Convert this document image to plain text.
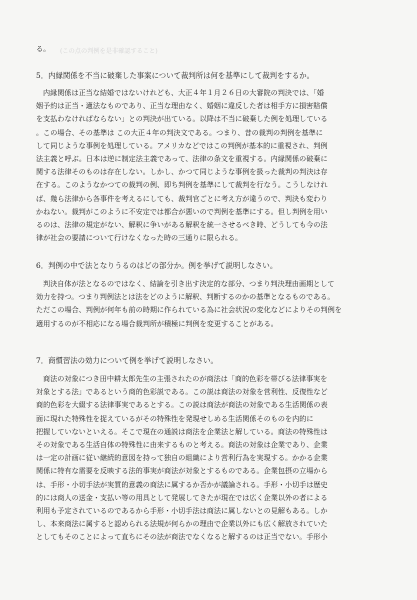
る。 (この点の判例を是非確認すること)
5．内縁関係を不当に破棄した事案について裁判所は何を基準にして裁判をするか。

内縁関係は正当な結婚ではないけれども、大正４年１月２６日の大審院の判決では、「婚

姻予約は正当・適法なものであり、正当な理由なく、婚姻に違反した者は相手方に損害賠償

を支払わなければならない」との判決が出ている。以降は不当に破棄した例を処理している

。この場合、その基準は この大正４年の判決文である。つまり、昔の裁判の判例を基準に

して同じような事例を処理している。アメリカなどではこの判例が基本的に重視され、判例

法主義と呼ぶ。日本は逆に制定法主義であって、法律の条文を重視する。内縁関係の破棄に

関する法律そのものは存在しない。しかし、かつて同じような事例を扱った裁判の判決は存

在する。このようなかつての裁判の例、即ち判例を基準にして裁判を行なう。こうしなけれ

ば、幾ら法律から各事件を考えるにしても、裁判官ごとに考え方が違うので、判決も変わり

かねない。裁判がこのように不安定では都合が悪いので判例を基準にする。但し判例を用い

るのは、法律の規定がない、解釈に争いがある解釈を統一させるべき時、どうしても今の法

律が社会の要請について行けなくなった時の三通りに限られる。

6．判例の中で法となりうるのはどの部分か。例を挙げて説明しなさい。

判決自体が法となるのではなく、結論を引き出す決定的な部分、つまり判決理由画期として

効力を持つ。つまり判例法とは法をどのように解釈、判断するのかの基準となるものである。

ただこの場合、判例が何年も前の時期に作られている為に社会状況の変化などによりその判例を

適用するのが不相応になる場合裁判所が積極に判例を変更することがある。

7．商慣習法の効力について例を挙げて説明しなさい。

商法の対象につき田中耕太郎先生の主張されたのが商法は「商的色彩を帯びる法律事実を

対象とする法」であるという商的色彩説である。この説は商法の対象を営利性、反復性など

商的色彩を大綴する法律事実であるとする。この説は商法が商法の対象である生活関係の表

面に現れた特殊性を捉えているがその特殊性を発現せしめる生活関係そのものを内的に

把握していないといえる。そこで現在の通説は商法を企業法と解している。商法の特殊性は

その対象である生活自体の特殊性に由来するものと考える。商法の対象は企業であり、企業

は一定の計画に従い継続的意図を持って独自の組織により営利行為を実現する。かかる企業

関係に特有な需要を反映する法的事実が商法が対象とするものである。企業包摂の立場から

は、手形・小切手法が実質的意義の商法に属するか否かが議論される。手形・小切手は歴史

的には商人の送金・支払い等の用具として発展してきたが現在では広く企業以外の者による

利用も予定されているのであるから手形・小切手法は商法に属しないとの見解もある。しか

し、本来商法に属すると認められる法規が何らかの理由で企業以外にも広く解放されていた

としてもそのことによって直ちにその法が商法でなくなると解するのは正当でない。手形小
